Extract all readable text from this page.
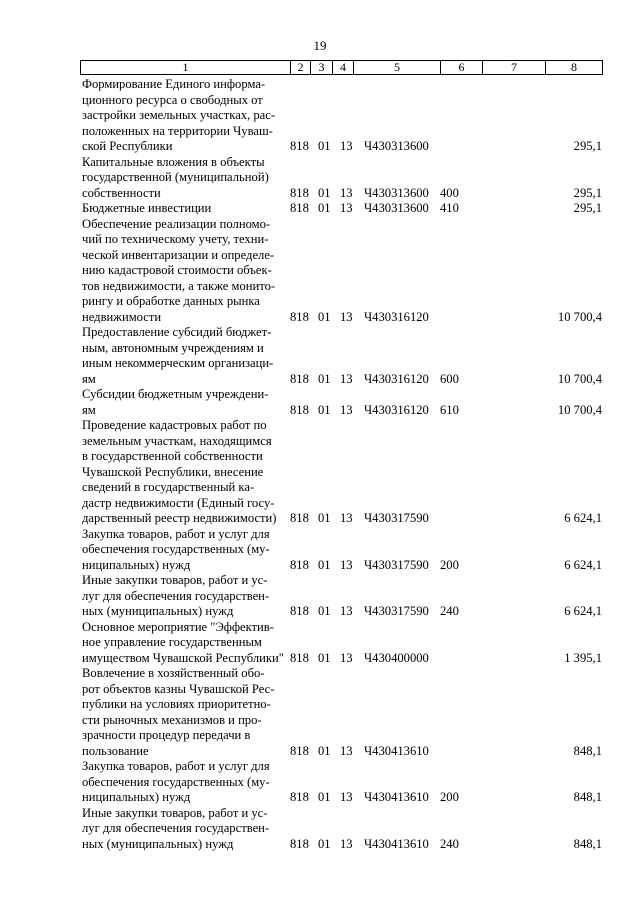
19
1	2	3	4	5	6	7	8
Формирование Единого информа-
ционного ресурса о свободных от
застройки земельных участках, рас-
положенных на территории Чуваш-
ской Республики	818 01 13 Ч430313600	295,1
Капитальные вложения в объекты
государственной (муниципальной)
собственности	818 01 13 Ч430313600 400	295,1
Бюджетные инвестиции	818 01 13 Ч430313600 410	295,1
Обеспечение реализации полномо-
чий по техническому учету, техни-
ческой инвентаризации и определе-
нию кадастровой стоимости объек-
тов недвижимости, а также монито-
рингу и обработке данных рынка
недвижимости	818 01 13 Ч430316120	10 700,4
Предоставление субсидий бюджет-
ным, автономным учреждениям и
иным некоммерческим организаци-
ям	818 01 13 Ч430316120 600	10 700,4
Субсидии бюджетным учреждени-
ям	818 01 13 Ч430316120 610	10 700,4
Проведение кадастровых работ по
земельным участкам, находящимся
в государственной собственности
Чувашской Республики, внесение
сведений в государственный ка-
дастр недвижимости (Единый госу-
дарственный реестр недвижимости)	818 01 13 Ч430317590	6 624,1
Закупка товаров, работ и услуг для
обеспечения государственных (му-
ниципальных) нужд	818 01 13 Ч430317590 200	6 624,1
Иные закупки товаров, работ и ус-
луг для обеспечения государствен-
ных (муниципальных) нужд	818 01 13 Ч430317590 240	6 624,1
Основное мероприятие "Эффектив-
ное управление государственным
имуществом Чувашской Республики" 818 01 13 Ч430400000	1 395,1
Вовлечение в хозяйственный обо-
рот объектов казны Чувашской Рес-
публики на условиях приоритетно-
сти рыночных механизмов и про-
зрачности процедур передачи в
пользование	818 01 13 Ч430413610	848,1
Закупка товаров, работ и услуг для
обеспечения государственных (му-
ниципальных) нужд	818 01 13 Ч430413610 200	848,1
Иные закупки товаров, работ и ус-
луг для обеспечения государствен-
ных (муниципальных) нужд	818 01 13 Ч430413610 240	848,1
